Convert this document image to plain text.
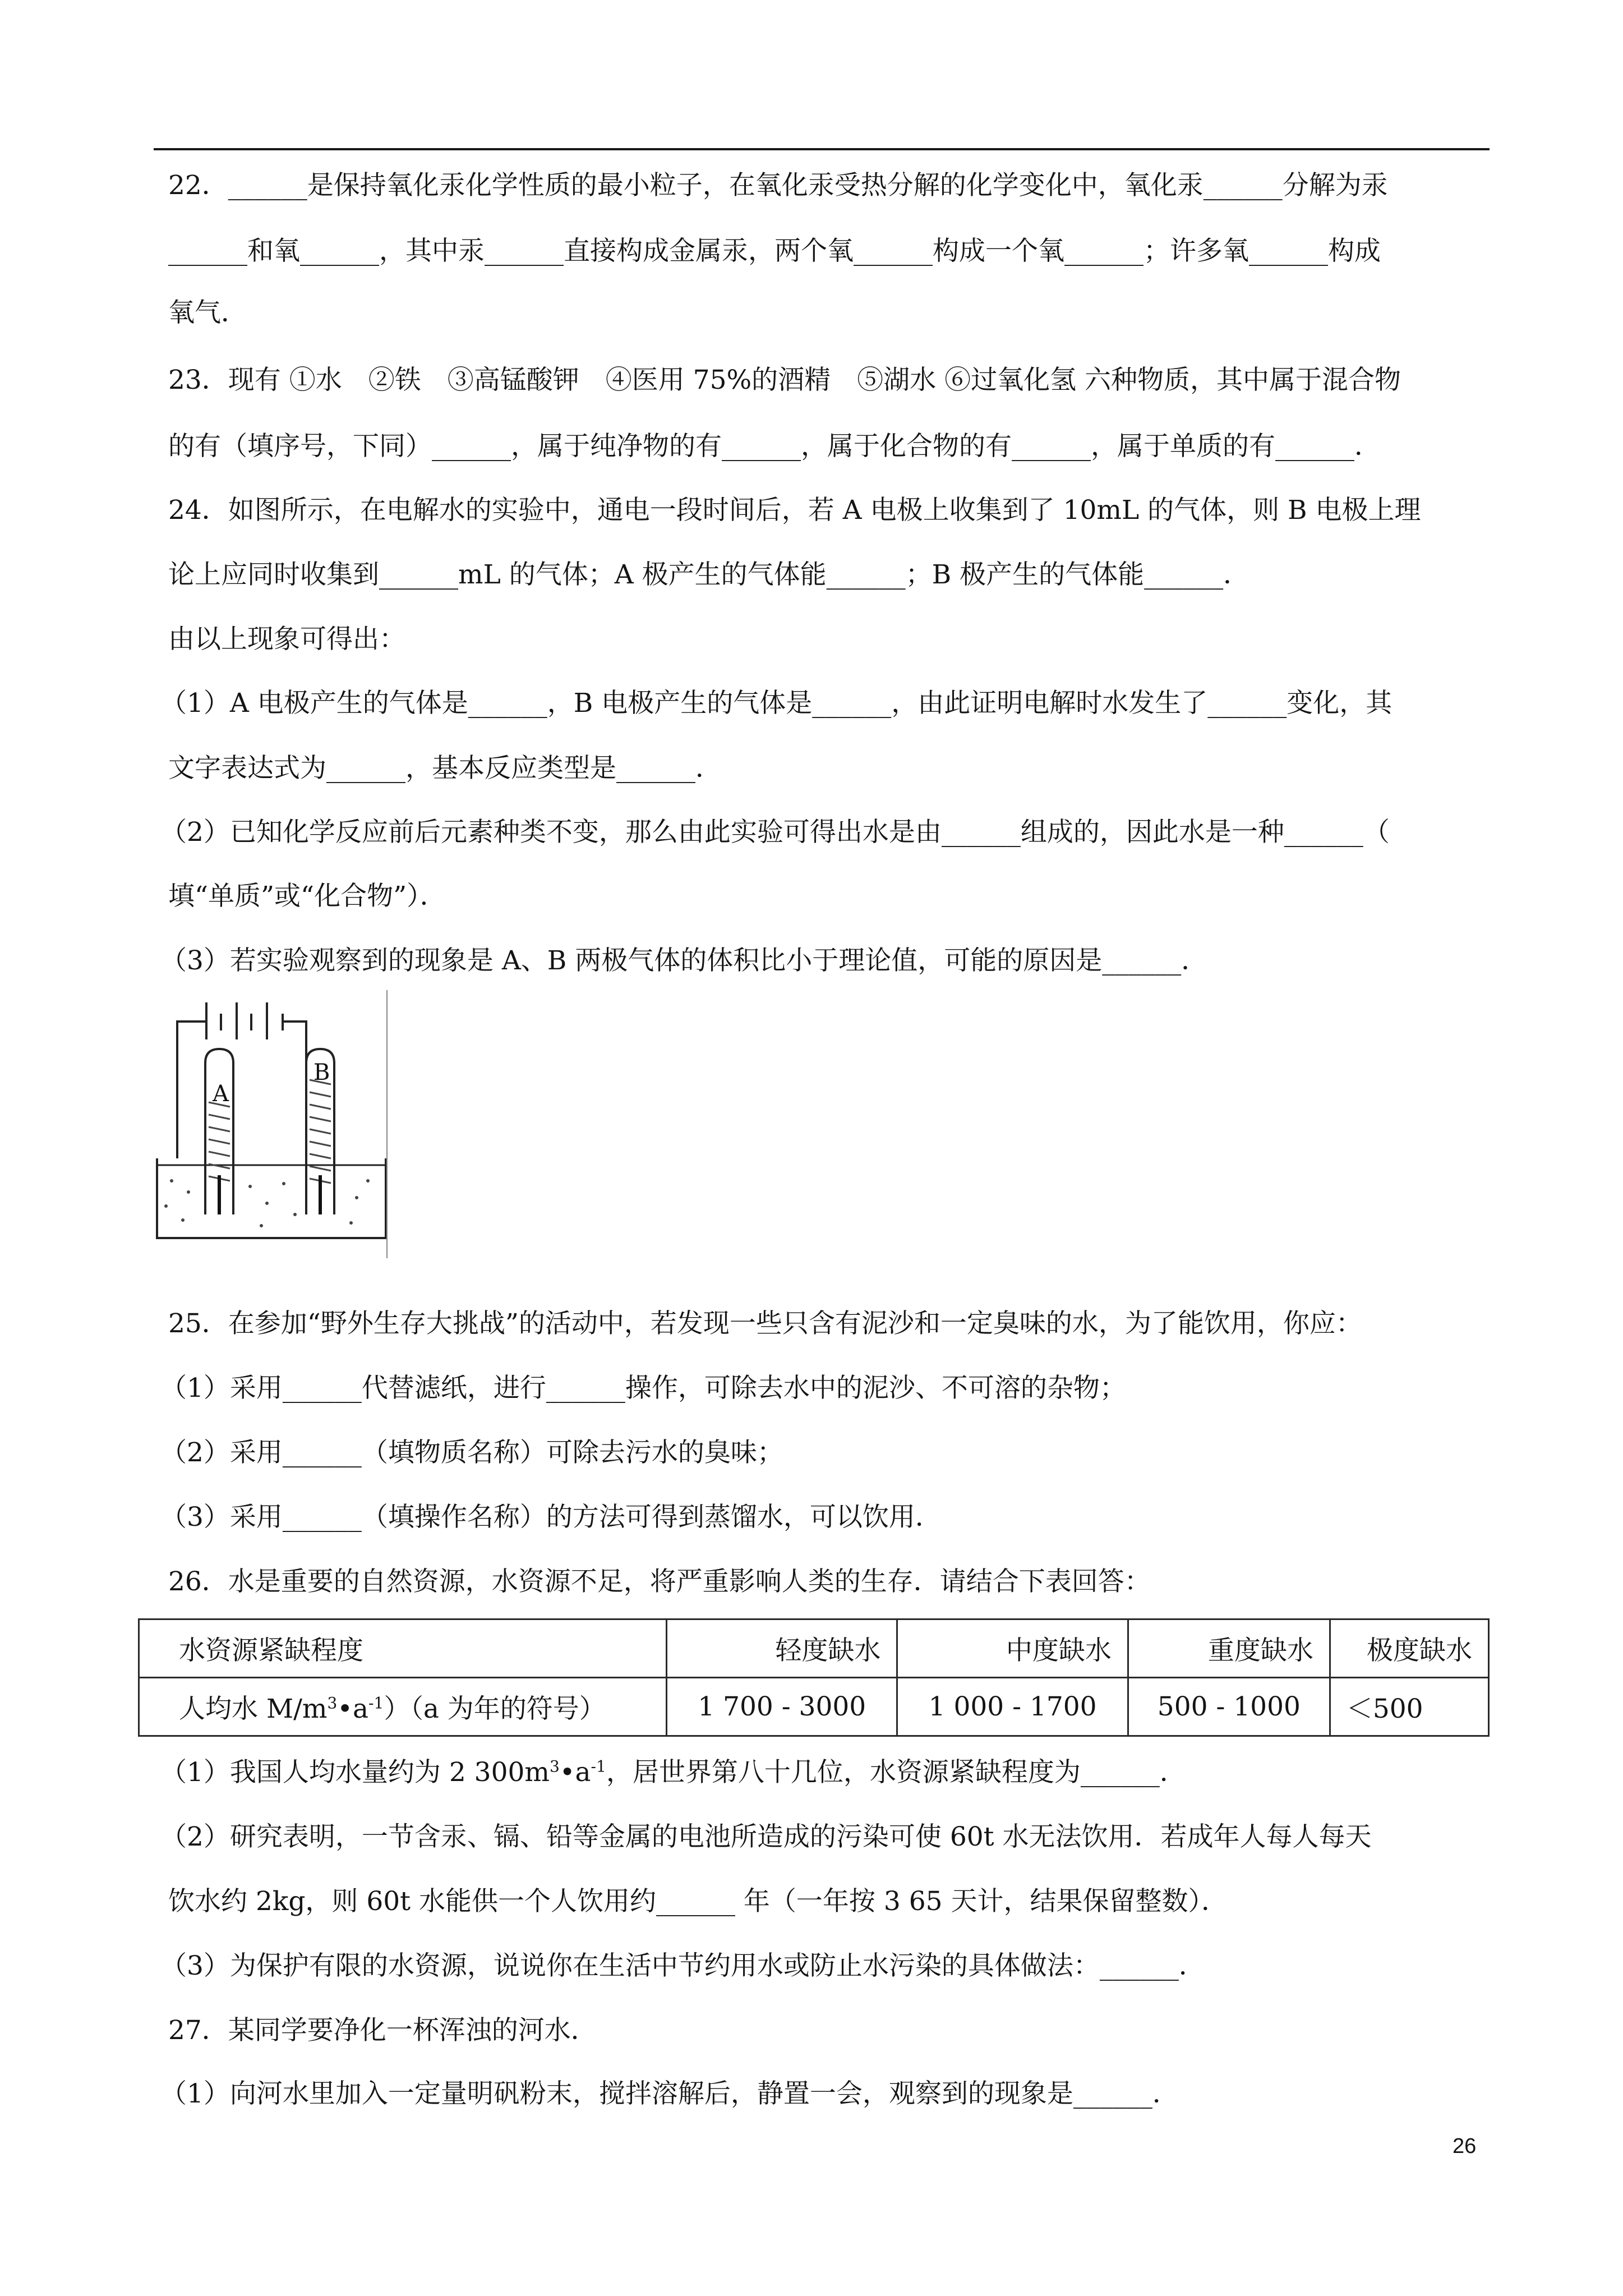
22．______是保持氧化汞化学性质的最小粒子，在氧化汞受热分解的化学变化中，氧化汞______分解为汞
______和氧______，其中汞______直接构成金属汞，两个氧______构成一个氧______；许多氧______构成
氧气．
23．现有 ①水　②铁　③高锰酸钾　④医用 75%的酒精　⑤湖水 ⑥过氧化氢 六种物质，其中属于混合物
的有（填序号，下同）______，属于纯净物的有______，属于化合物的有______，属于单质的有______．
24．如图所示，在电解水的实验中，通电一段时间后，若 A 电极上收集到了 10mL 的气体，则 B 电极上理
论上应同时收集到______mL 的气体；A 极产生的气体能______；B 极产生的气体能______．
由以上现象可得出：
（1）A 电极产生的气体是______，B 电极产生的气体是______，由此证明电解时水发生了______变化，其
文字表达式为______，基本反应类型是______．
（2）已知化学反应前后元素种类不变，那么由此实验可得出水是由______组成的，因此水是一种______（
填“单质”或“化合物”）．
（3）若实验观察到的现象是 A、B 两极气体的体积比小于理论值，可能的原因是______．
A
B
25．在参加“野外生存大挑战”的活动中，若发现一些只含有泥沙和一定臭味的水，为了能饮用，你应：
（1）采用______代替滤纸，进行______操作，可除去水中的泥沙、不可溶的杂物；
（2）采用______（填物质名称）可除去污水的臭味；
（3）采用______（填操作名称）的方法可得到蒸馏水，可以饮用．
26．水是重要的自然资源，水资源不足，将严重影响人类的生存．请结合下表回答：
水资源紧缺程度	轻度缺水	中度缺水	重度缺水	极度缺水
人均水 $M/m^3•a^{-1})(a$ 为年的符号）	1 700 - 3000	1 000 - 1700	500 - 1000	＜500
（1）我国人均水量约为 2 $300m^3•a^{-1}$，居世界第八十几位，水资源紧缺程度为______．
（2）研究表明，一节含汞、镉、铅等金属的电池所造成的污染可使 60t 水无法饮用．若成年人每人每天
饮水约 2kg，则 60t 水能供一个人饮用约______ 年（一年按 3 65 天计，结果保留整数）．
（3）为保护有限的水资源，说说你在生活中节约用水或防止水污染的具体做法：______．
27．某同学要净化一杯浑浊的河水．
（1）向河水里加入一定量明矾粉末，搅拌溶解后，静置一会，观察到的现象是______．
26
